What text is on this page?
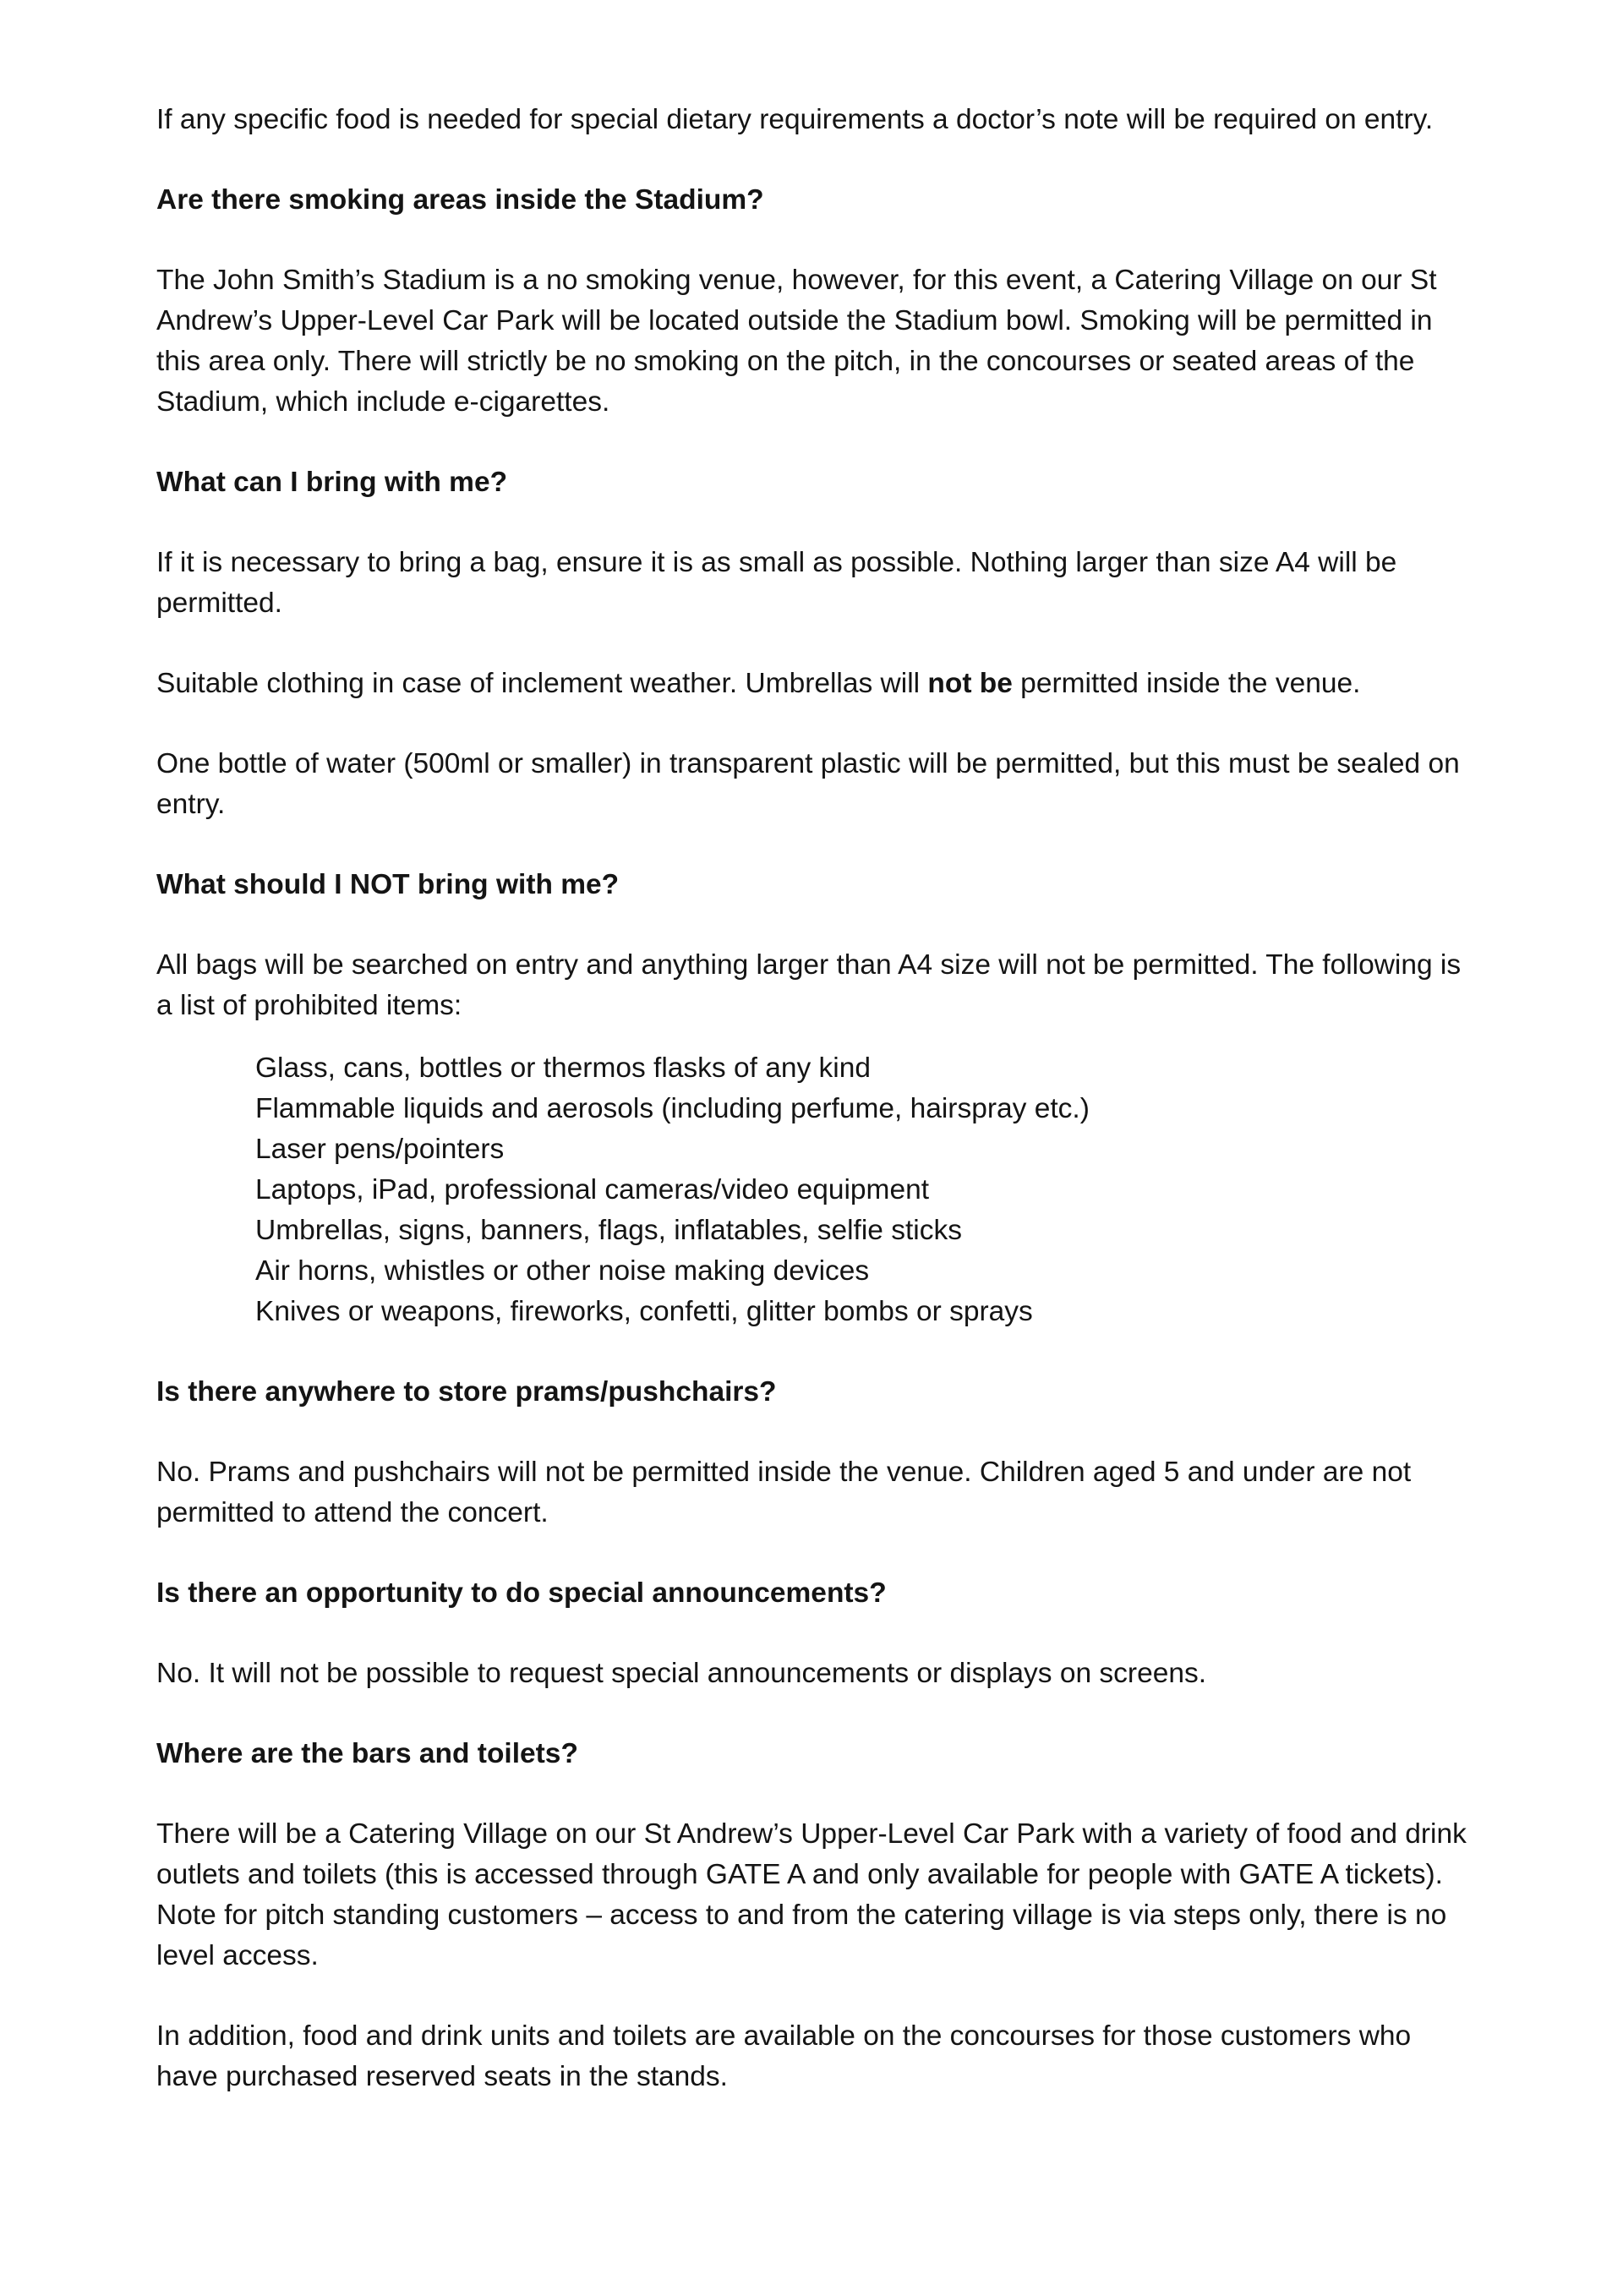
If any specific food is needed for special dietary requirements a doctor’s note will be required on entry.

Are there smoking areas inside the Stadium?

The John Smith’s Stadium is a no smoking venue, however, for this event, a Catering Village on our St Andrew’s Upper-Level Car Park will be located outside the Stadium bowl. Smoking will be permitted in this area only. There will strictly be no smoking on the pitch, in the concourses or seated areas of the Stadium, which include e-cigarettes.

What can I bring with me?

If it is necessary to bring a bag, ensure it is as small as possible. Nothing larger than size A4 will be permitted.

Suitable clothing in case of inclement weather. Umbrellas will not be permitted inside the venue.

One bottle of water (500ml or smaller) in transparent plastic will be permitted, but this must be sealed on entry.

What should I NOT bring with me?

All bags will be searched on entry and anything larger than A4 size will not be permitted. The following is a list of prohibited items:

Glass, cans, bottles or thermos flasks of any kind
Flammable liquids and aerosols (including perfume, hairspray etc.)
Laser pens/pointers
Laptops, iPad, professional cameras/video equipment
Umbrellas, signs, banners, flags, inflatables, selfie sticks
Air horns, whistles or other noise making devices
Knives or weapons, fireworks, confetti, glitter bombs or sprays

Is there anywhere to store prams/pushchairs?

No. Prams and pushchairs will not be permitted inside the venue. Children aged 5 and under are not permitted to attend the concert.

Is there an opportunity to do special announcements?

No. It will not be possible to request special announcements or displays on screens.

Where are the bars and toilets?

There will be a Catering Village on our St Andrew’s Upper-Level Car Park with a variety of food and drink outlets and toilets (this is accessed through GATE A and only available for people with GATE A tickets). Note for pitch standing customers – access to and from the catering village is via steps only, there is no level access.

In addition, food and drink units and toilets are available on the concourses for those customers who have purchased reserved seats in the stands.
